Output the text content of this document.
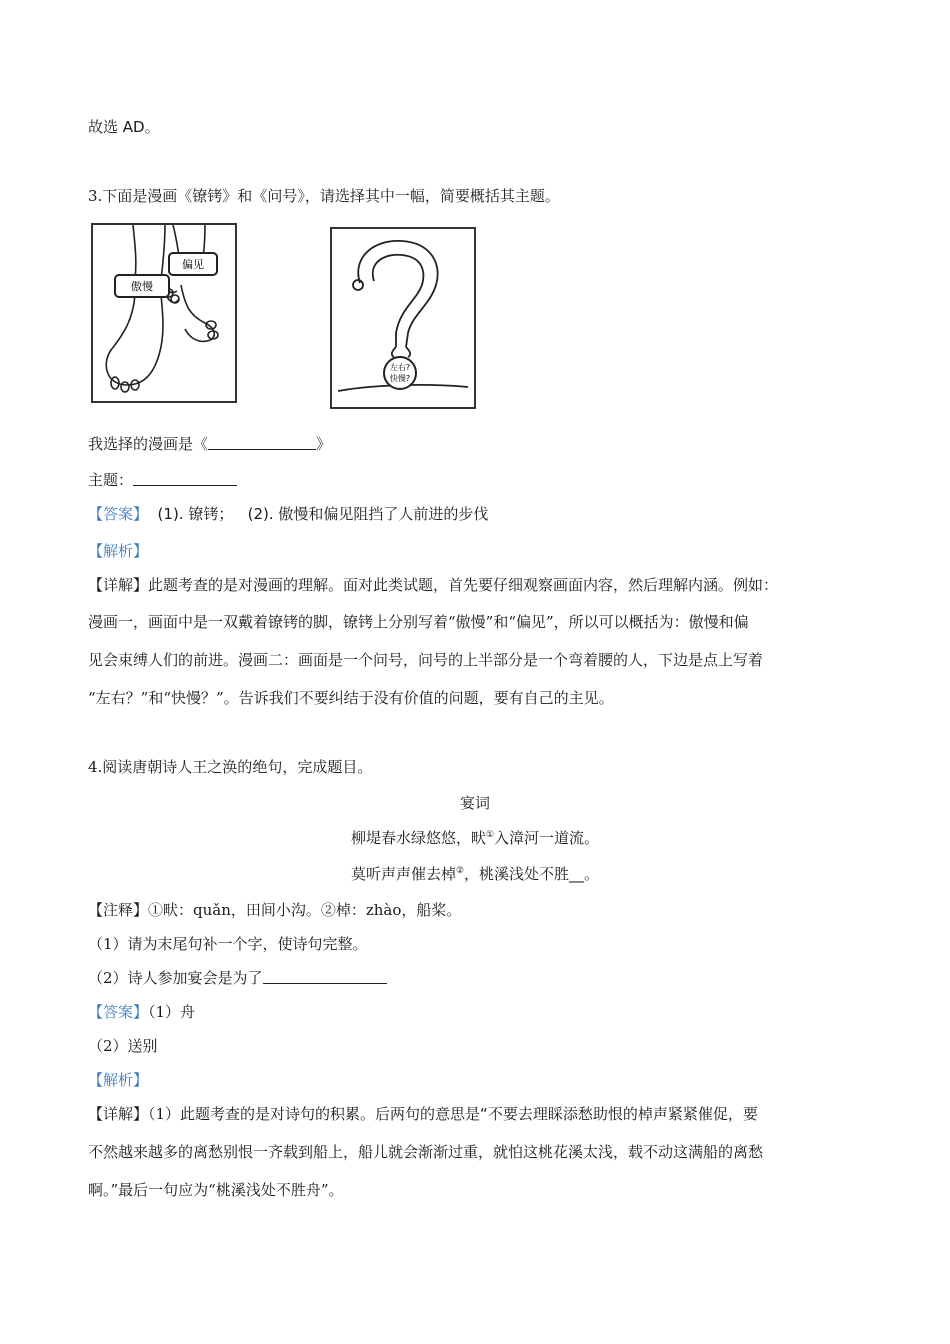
故选 AD。
3.下面是漫画《镣铐》和《问号》，请选择其中一幅，简要概括其主题。
傲慢
偏见
左右?
快慢?
我选择的漫画是《	》
主题：
【答案】  (1). 镣铐；   (2). 傲慢和偏见阻挡了人前进的步伐
【解析】
【详解】此题考查的是对漫画的理解。面对此类试题，首先要仔细观察画面内容，然后理解内涵。例如：
漫画一，画面中是一双戴着镣铐的脚，镣铐上分别写着“傲慢”和“偏见”，所以可以概括为：傲慢和偏
见会束缚人们的前进。漫画二：画面是一个问号，问号的上半部分是一个弯着腰的人，下边是点上写着
“左右？”和“快慢？”。告诉我们不要纠结于没有价值的问题，要有自己的主见。
4.阅读唐朝诗人王之涣的绝句，完成题目。
宴词
柳堤春水绿悠悠，畎①入漳河一道流。
莫听声声催去棹②，桃溪浅处不胜__。
【注释】①畎：quǎn，田间小沟。②棹：zhào，船桨。
（1）请为末尾句补一个字，使诗句完整。
（2）诗人参加宴会是为了
【答案】（1）舟
（2）送别
【解析】
【详解】（1）此题考查的是对诗句的积累。后两句的意思是“不要去理睬添愁助恨的棹声紧紧催促，要
不然越来越多的离愁别恨一齐载到船上，船儿就会渐渐过重，就怕这桃花溪太浅，载不动这满船的离愁
啊。”最后一句应为“桃溪浅处不胜舟”。
